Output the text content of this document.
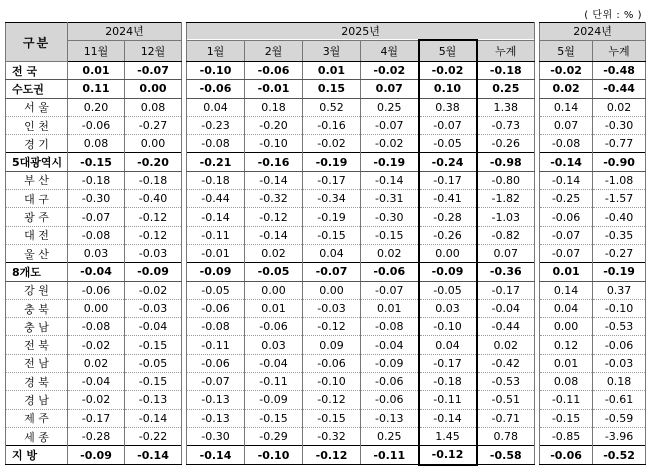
( 단위 : % )
구분	2024년			2025년							2024년	
	11월	12월		1월	2월	3월	4월	5월	누계		5월	누계
전 국	0.01	-0.07		-0.10	-0.06	0.01	-0.02	-0.02	-0.18		-0.02	-0.48
수도권	0.11	0.00		-0.06	-0.01	0.15	0.07	0.10	0.25		0.02	-0.44
서 울	0.20	0.08		0.04	0.18	0.52	0.25	0.38	1.38		0.14	0.02
인 천	-0.06	-0.27		-0.23	-0.20	-0.16	-0.07	-0.07	-0.73		0.07	-0.30
경 기	0.08	0.00		-0.08	-0.10	-0.02	-0.02	-0.05	-0.26		-0.08	-0.77
5대광역시	-0.15	-0.20		-0.21	-0.16	-0.19	-0.19	-0.24	-0.98		-0.14	-0.90
부 산	-0.18	-0.18		-0.18	-0.14	-0.17	-0.14	-0.17	-0.80		-0.14	-1.08
대 구	-0.30	-0.40		-0.44	-0.32	-0.34	-0.31	-0.41	-1.82		-0.25	-1.57
광 주	-0.07	-0.12		-0.14	-0.12	-0.19	-0.30	-0.28	-1.03		-0.06	-0.40
대 전	-0.08	-0.12		-0.11	-0.14	-0.15	-0.15	-0.26	-0.82		-0.07	-0.35
울 산	0.03	-0.03		-0.01	0.02	0.04	0.02	0.00	0.07		-0.07	-0.27
8개도	-0.04	-0.09		-0.09	-0.05	-0.07	-0.06	-0.09	-0.36		0.01	-0.19
강 원	-0.06	-0.02		-0.05	0.00	0.00	-0.07	-0.05	-0.17		0.14	0.37
충 북	0.00	-0.03		-0.06	0.01	-0.03	0.01	0.03	-0.04		0.04	-0.10
충 남	-0.08	-0.04		-0.08	-0.06	-0.12	-0.08	-0.10	-0.44		0.00	-0.53
전 북	-0.02	-0.15		-0.11	0.03	0.09	-0.04	0.04	0.02		0.12	-0.06
전 남	0.02	-0.05		-0.06	-0.04	-0.06	-0.09	-0.17	-0.42		0.01	-0.03
경 북	-0.04	-0.15		-0.07	-0.11	-0.10	-0.06	-0.18	-0.53		0.08	0.18
경 남	-0.02	-0.13		-0.13	-0.09	-0.12	-0.06	-0.11	-0.51		-0.11	-0.61
제 주	-0.17	-0.14		-0.13	-0.15	-0.15	-0.13	-0.14	-0.71		-0.15	-0.59
세 종	-0.28	-0.22		-0.30	-0.29	-0.32	0.25	1.45	0.78		-0.85	-3.96
지 방	-0.09	-0.14		-0.14	-0.10	-0.12	-0.11	-0.12	-0.58		-0.06	-0.52
